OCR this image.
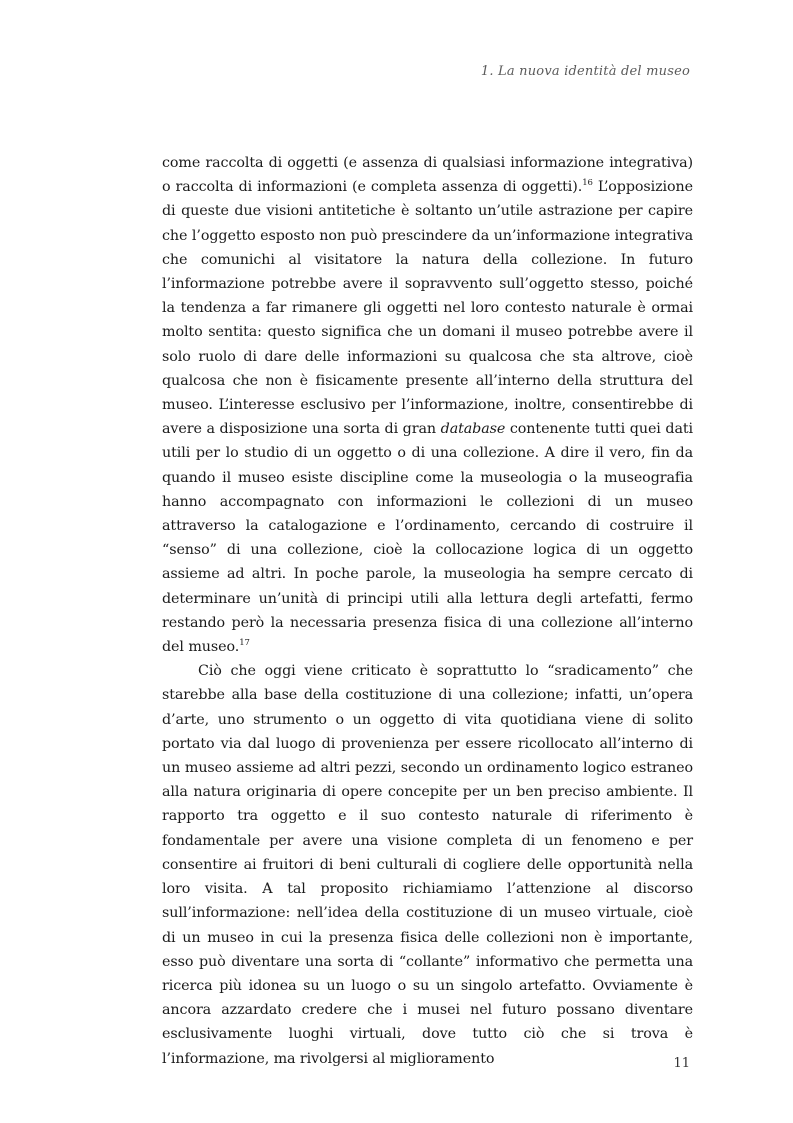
1. La nuova identità del museo

come raccolta di oggetti (e assenza di qualsiasi informazione integrativa) o raccolta di informazioni (e completa assenza di oggetti).$^{16}$ L’opposizione di queste due visioni antitetiche è soltanto un’utile astrazione per capire che l’oggetto esposto non può prescindere da un’informazione integrativa che comunichi al visitatore la natura della collezione. In futuro l’informazione potrebbe avere il sopravvento sull’oggetto stesso, poiché la tendenza a far rimanere gli oggetti nel loro contesto naturale è ormai molto sentita: questo significa che un domani il museo potrebbe avere il solo ruolo di dare delle informazioni su qualcosa che sta altrove, cioè qualcosa che non è fisicamente presente all’interno della struttura del museo. L’interesse esclusivo per l’informazione, inoltre, consentirebbe di avere a disposizione una sorta di gran database contenente tutti quei dati utili per lo studio di un oggetto o di una collezione. A dire il vero, fin da quando il museo esiste discipline come la museologia o la museografia hanno accompagnato con informazioni le collezioni di un museo attraverso la catalogazione e l’ordinamento, cercando di costruire il “senso” di una collezione, cioè la collocazione logica di un oggetto assieme ad altri. In poche parole, la museologia ha sempre cercato di determinare un’unità di principi utili alla lettura degli artefatti, fermo restando però la necessaria presenza fisica di una collezione all’interno del museo.$^{17}$

Ciò che oggi viene criticato è soprattutto lo “sradicamento” che starebbe alla base della costituzione di una collezione; infatti, un’opera d’arte, uno strumento o un oggetto di vita quotidiana viene di solito portato via dal luogo di provenienza per essere ricollocato all’interno di un museo assieme ad altri pezzi, secondo un ordinamento logico estraneo alla natura originaria di opere concepite per un ben preciso ambiente. Il rapporto tra oggetto e il suo contesto naturale di riferimento è fondamentale per avere una visione completa di un fenomeno e per consentire ai fruitori di beni culturali di cogliere delle opportunità nella loro visita. A tal proposito richiamiamo l’attenzione al discorso sull’informazione: nell’idea della costituzione di un museo virtuale, cioè di un museo in cui la presenza fisica delle collezioni non è importante, esso può diventare una sorta di “collante” informativo che permetta una ricerca più idonea su un luogo o su un singolo artefatto. Ovviamente è ancora azzardato credere che i musei nel futuro possano diventare esclusivamente luoghi virtuali, dove tutto ciò che si trova è l’informazione, ma rivolgersi al miglioramento	11
